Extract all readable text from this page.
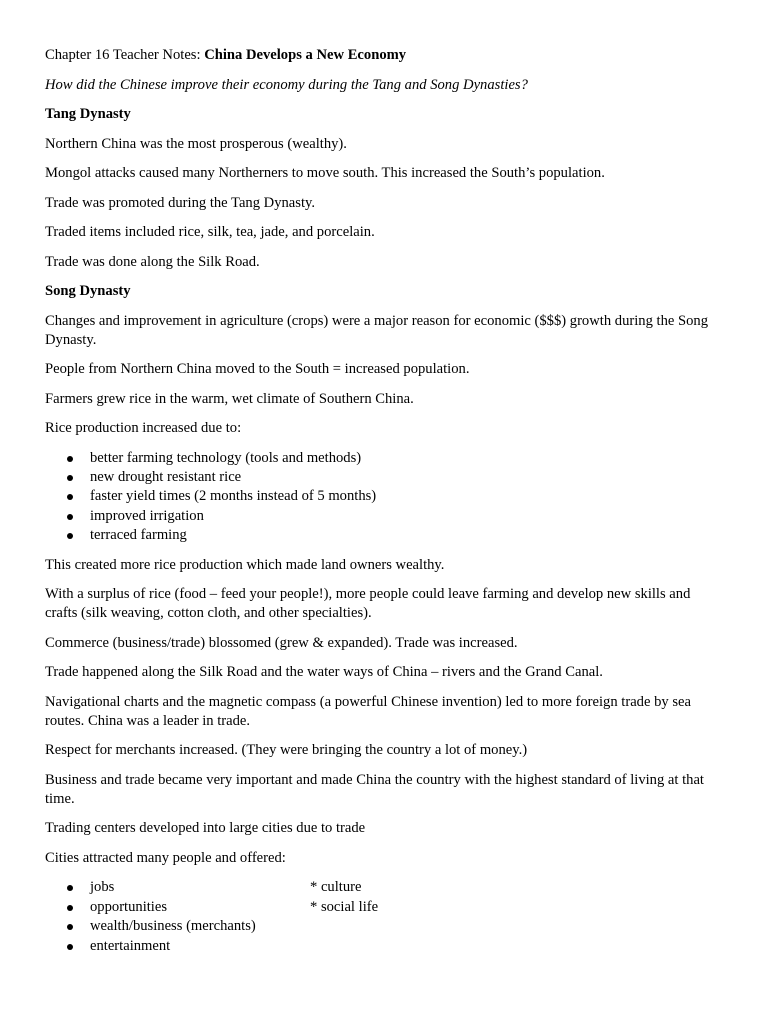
Chapter 16 Teacher Notes: China Develops a New Economy

How did the Chinese improve their economy during the Tang and Song Dynasties?

Tang Dynasty

Northern China was the most prosperous (wealthy).

Mongol attacks caused many Northerners to move south. This increased the South’s population.

Trade was promoted during the Tang Dynasty.

Traded items included rice, silk, tea, jade, and porcelain.

Trade was done along the Silk Road.

Song Dynasty

Changes and improvement in agriculture (crops) were a major reason for economic ($$$) growth during the Song Dynasty.

People from Northern China moved to the South = increased population.

Farmers grew rice in the warm, wet climate of Southern China.

Rice production increased due to:

better farming technology (tools and methods)
new drought resistant rice
faster yield times (2 months instead of 5 months)
improved irrigation
terraced farming

This created more rice production which made land owners wealthy.

With a surplus of rice (food – feed your people!), more people could leave farming and develop new skills and crafts (silk weaving, cotton cloth, and other specialties).

Commerce (business/trade) blossomed (grew & expanded). Trade was increased.

Trade happened along the Silk Road and the water ways of China – rivers and the Grand Canal.

Navigational charts and the magnetic compass (a powerful Chinese invention) led to more foreign trade by sea routes. China was a leader in trade.

Respect for merchants increased. (They were bringing the country a lot of money.)

Business and trade became very important and made China the country with the highest standard of living at that time.

Trading centers developed into large cities due to trade

Cities attracted many people and offered:

jobs	* culture
opportunities	* social life
wealth/business (merchants)
entertainment
